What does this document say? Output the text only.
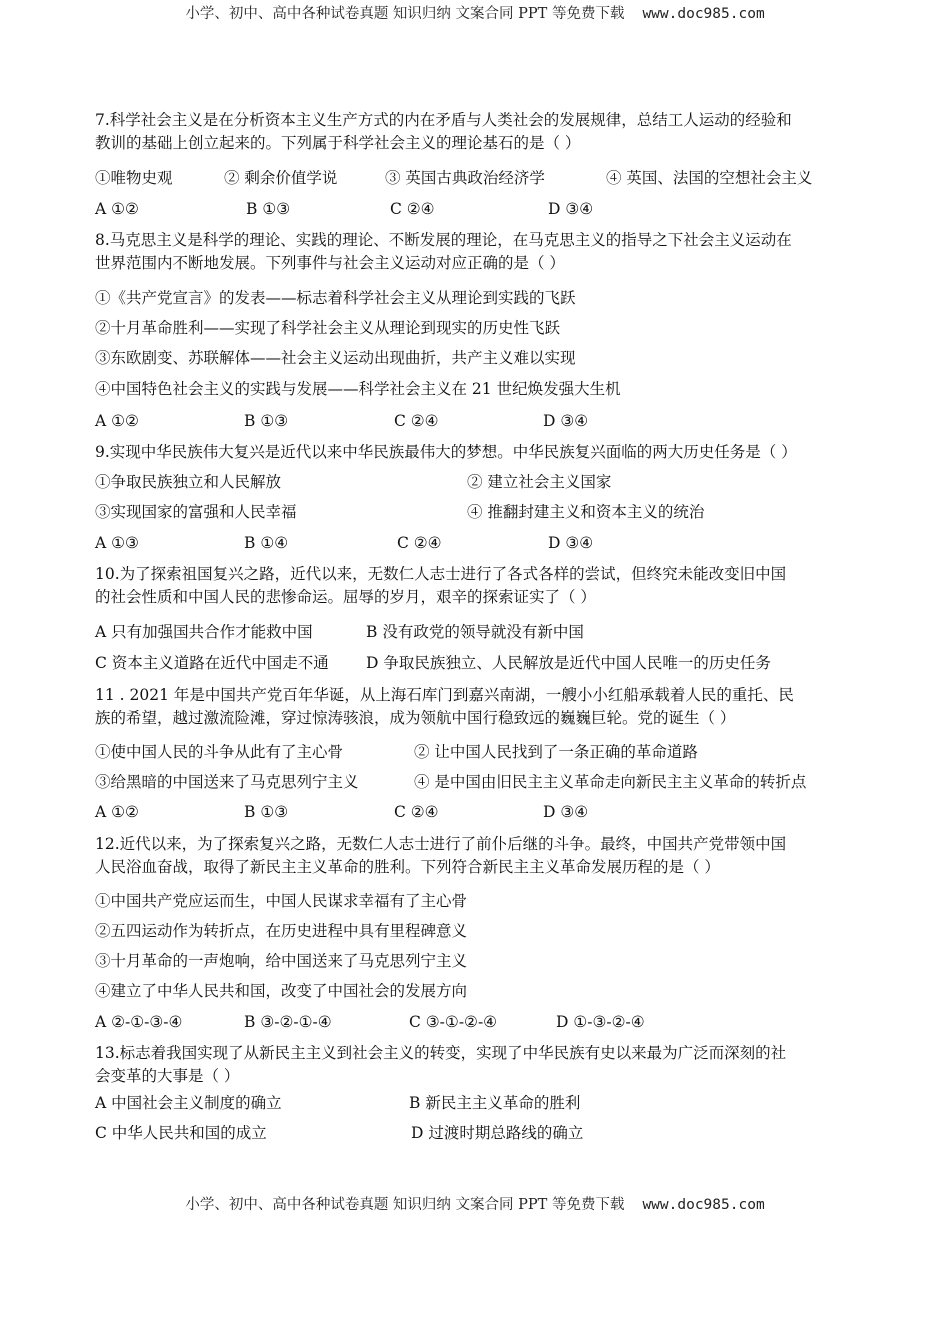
小学、初中、高中各种试卷真题 知识归纳 文案合同 PPT 等免费下载 www.doc985.com
7.科学社会主义是在分析资本主义生产方式的内在矛盾与人类社会的发展规律，总结工人运动的经验和
教训的基础上创立起来的。下列属于科学社会主义的理论基石的是（ ）
①唯物史观	② 剩余价值学说	③ 英国古典政治经济学	④ 英国、法国的空想社会主义
A ①②	B ①③	C ②④	D ③④
8.马克思主义是科学的理论、实践的理论、不断发展的理论，在马克思主义的指导之下社会主义运动在
世界范围内不断地发展。下列事件与社会主义运动对应正确的是（ ）
①《共产党宣言》的发表——标志着科学社会主义从理论到实践的飞跃
②十月革命胜利——实现了科学社会主义从理论到现实的历史性飞跃
③东欧剧变、苏联解体——社会主义运动出现曲折，共产主义难以实现
④中国特色社会主义的实践与发展——科学社会主义在 21 世纪焕发强大生机
A ①②	B ①③	C ②④	D ③④
9.实现中华民族伟大复兴是近代以来中华民族最伟大的梦想。中华民族复兴面临的两大历史任务是（ ）
①争取民族独立和人民解放	② 建立社会主义国家
③实现国家的富强和人民幸福	④ 推翻封建主义和资本主义的统治
A ①③	B ①④	C ②④	D ③④
10.为了探索祖国复兴之路，近代以来，无数仁人志士进行了各式各样的尝试，但终究未能改变旧中国
的社会性质和中国人民的悲惨命运。屈辱的岁月，艰辛的探索证实了（ ）
A 只有加强国共合作才能救中国	B 没有政党的领导就没有新中国
C 资本主义道路在近代中国走不通 D 争取民族独立、人民解放是近代中国人民唯一的历史任务
11 . 2021 年是中国共产党百年华诞，从上海石库门到嘉兴南湖，一艘小小红船承载着人民的重托、民
族的希望，越过激流险滩，穿过惊涛骇浪，成为领航中国行稳致远的巍巍巨轮。党的诞生（ ）
①使中国人民的斗争从此有了主心骨	② 让中国人民找到了一条正确的革命道路
③给黑暗的中国送来了马克思列宁主义	④ 是中国由旧民主主义革命走向新民主主义革命的转折点
A ①②	B ①③	C ②④	D ③④
12.近代以来，为了探索复兴之路，无数仁人志士进行了前仆后继的斗争。最终，中国共产党带领中国
人民浴血奋战，取得了新民主主义革命的胜利。下列符合新民主主义革命发展历程的是（ ）
①中国共产党应运而生，中国人民谋求幸福有了主心骨
②五四运动作为转折点，在历史进程中具有里程碑意义
③十月革命的一声炮响，给中国送来了马克思列宁主义
④建立了中华人民共和国，改变了中国社会的发展方向
A ②-①-③-④	B ③-②-①-④	C ③-①-②-④	D ①-③-②-④
13.标志着我国实现了从新民主主义到社会主义的转变，实现了中华民族有史以来最为广泛而深刻的社
会变革的大事是（ ）
A 中国社会主义制度的确立	B 新民主主义革命的胜利
C 中华人民共和国的成立	D 过渡时期总路线的确立
小学、初中、高中各种试卷真题 知识归纳 文案合同 PPT 等免费下载 www.doc985.com
